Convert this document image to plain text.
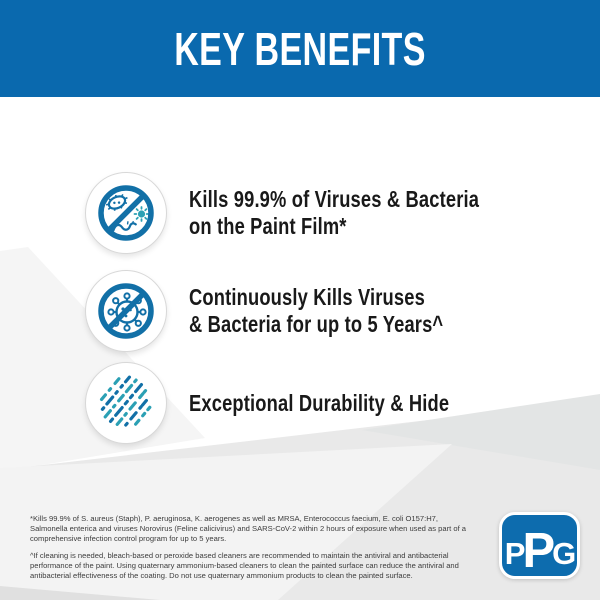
KEY BENEFITS
Kills 99.9% of Viruses & Bacteria
on the Paint Film*
Continuously Kills Viruses
& Bacteria for up to 5 Years^
Exceptional Durability & Hide

*Kills 99.9% of S. aureus (Staph), P. aeruginosa, K. aerogenes as well as MRSA, Enterococcus faecium, E. coli O157:H7, Salmonella enterica and viruses Norovirus (Feline calicivirus) and SARS-CoV-2 within 2 hours of exposure when used as part of a comprehensive infection control program for up to 5 years.

^If cleaning is needed, bleach-based or peroxide based cleaners are recommended to maintain the antiviral and antibacterial performance of the paint. Using quaternary ammonium-based cleaners to clean the painted surface can reduce the antiviral and antibacterial effectiveness of the coating. Do not use quaternary ammonium products to clean the painted surface.

P P G
